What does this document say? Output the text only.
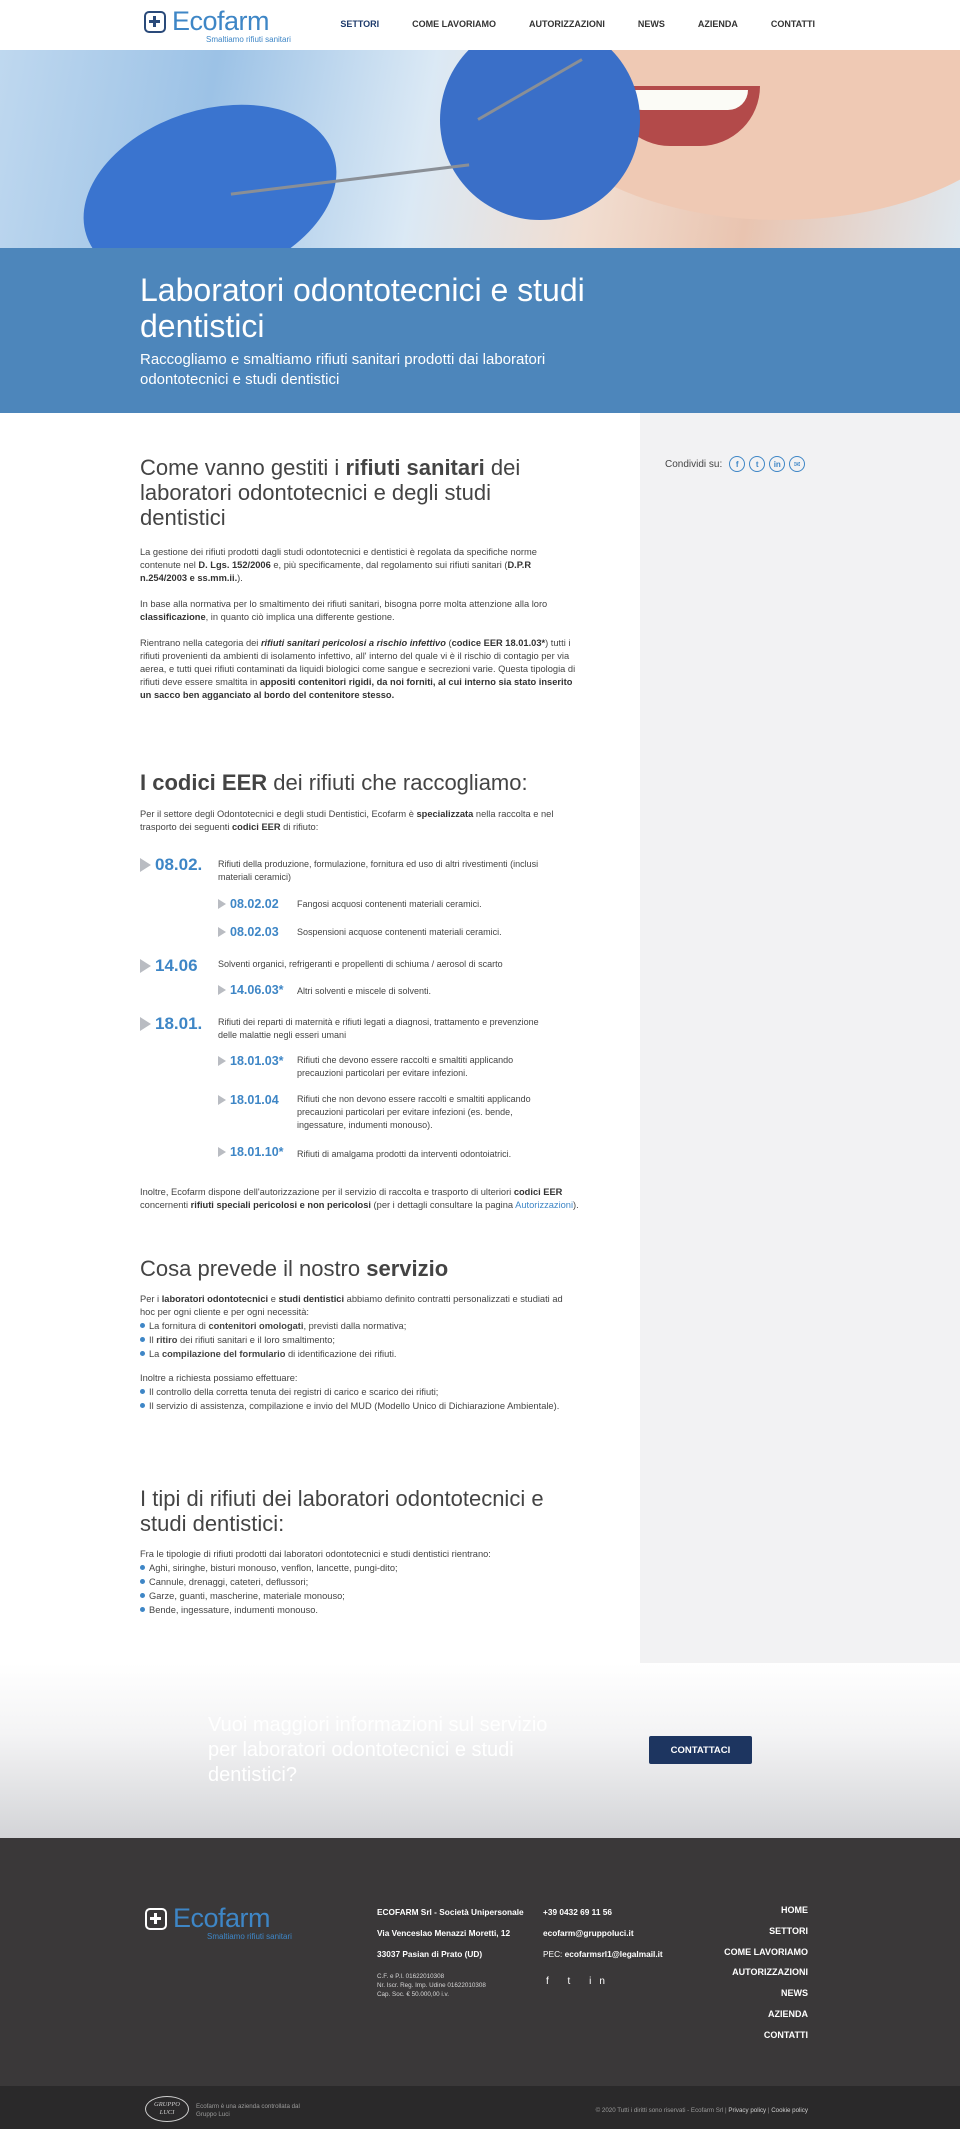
Ecofarm
Smaltiamo rifiuti sanitari
SETTORI	COME LAVORIAMO	AUTORIZZAZIONI	NEWS	AZIENDA	CONTATTI
Laboratori odontotecnici e studi dentistici

Raccogliamo e smaltiamo rifiuti sanitari prodotti dai laboratori odontotecnici e studi dentistici

Condividi su:	f	t	in	✉
Come vanno gestiti i rifiuti sanitari dei laboratori odontotecnici e degli studi dentistici

La gestione dei rifiuti prodotti dagli studi odontotecnici e dentistici è regolata da specifiche norme contenute nel D. Lgs. 152/2006 e, più specificamente, dal regolamento sui rifiuti sanitari (D.P.R n.254/2003 e ss.mm.ii.).

In base alla normativa per lo smaltimento dei rifiuti sanitari, bisogna porre molta attenzione alla loro classificazione, in quanto ciò implica una differente gestione.

Rientrano nella categoria dei rifiuti sanitari pericolosi a rischio infettivo (codice EER 18.01.03*) tutti i rifiuti provenienti da ambienti di isolamento infettivo, all' interno del quale vi è il rischio di contagio per via aerea, e tutti quei rifiuti contaminati da liquidi biologici come sangue e secrezioni varie. Questa tipologia di rifiuti deve essere smaltita in appositi contenitori rigidi, da noi forniti, al cui interno sia stato inserito un sacco ben agganciato al bordo del contenitore stesso.

I codici EER dei rifiuti che raccogliamo:

Per il settore degli Odontotecnici e degli studi Dentistici, Ecofarm è specializzata nella raccolta e nel trasporto dei seguenti codici EER di rifiuto:

08.02. Rifiuti della produzione, formulazione, fornitura ed uso di altri rivestimenti (inclusi materiali ceramici)
08.02.02 Fangosi acquosi contenenti materiali ceramici.
08.02.03 Sospensioni acquose contenenti materiali ceramici.
14.06 Solventi organici, refrigeranti e propellenti di schiuma / aerosol di scarto
14.06.03* Altri solventi e miscele di solventi.
18.01. Rifiuti dei reparti di maternità e rifiuti legati a diagnosi, trattamento e prevenzione delle malattie negli esseri umani
18.01.03* Rifiuti che devono essere raccolti e smaltiti applicando precauzioni particolari per evitare infezioni.
18.01.04 Rifiuti che non devono essere raccolti e smaltiti applicando precauzioni particolari per evitare infezioni (es. bende, ingessature, indumenti monouso).
18.01.10* Rifiuti di amalgama prodotti da interventi odontoiatrici.

Inoltre, Ecofarm dispone dell'autorizzazione per il servizio di raccolta e trasporto di ulteriori codici EER concernenti rifiuti speciali pericolosi e non pericolosi (per i dettagli consultare la pagina Autorizzazioni).

Cosa prevede il nostro servizio

Per i laboratori odontotecnici e studi dentistici abbiamo definito contratti personalizzati e studiati ad hoc per ogni cliente e per ogni necessità:

La fornitura di contenitori omologati, previsti dalla normativa;
Il ritiro dei rifiuti sanitari e il loro smaltimento;
La compilazione del formulario di identificazione dei rifiuti.

Inoltre a richiesta possiamo effettuare:

Il controllo della corretta tenuta dei registri di carico e scarico dei rifiuti;
Il servizio di assistenza, compilazione e invio del MUD (Modello Unico di Dichiarazione Ambientale).
I tipi di rifiuti dei laboratori odontotecnici e studi dentistici:

Fra le tipologie di rifiuti prodotti dai laboratori odontotecnici e studi dentistici rientrano:

Aghi, siringhe, bisturi monouso, venflon, lancette, pungi-dito;
Cannule, drenaggi, cateteri, deflussori;
Garze, guanti, mascherine, materiale monouso;
Bende, ingessature, indumenti monouso.

Vuoi maggiori informazioni sul servizio per laboratori odontotecnici e studi dentistici?

CONTATTACI
Ecofarm
Smaltiamo rifiuti sanitari
ECOFARM Srl - Società Unipersonale
Via Venceslao Menazzi Moretti, 12
33037 Pasian di Prato (UD)
C.F. e P.I. 01622010308
Nr. Iscr. Reg. Imp. Udine 01622010308
Cap. Soc. € 50.000,00 i.v.
+39 0432 69 11 56
ecofarm@gruppoluci.it
PEC: ecofarmsrl1@legalmail.it
f t in
HOME
SETTORI
COME LAVORIAMO
AUTORIZZAZIONI
NEWS
AZIENDA
CONTATTI
GRUPPO LUCI
Ecofarm è una azienda controllata dal Gruppo Luci
© 2020 Tutti i diritti sono riservati - Ecofarm Srl | Privacy policy | Cookie policy
